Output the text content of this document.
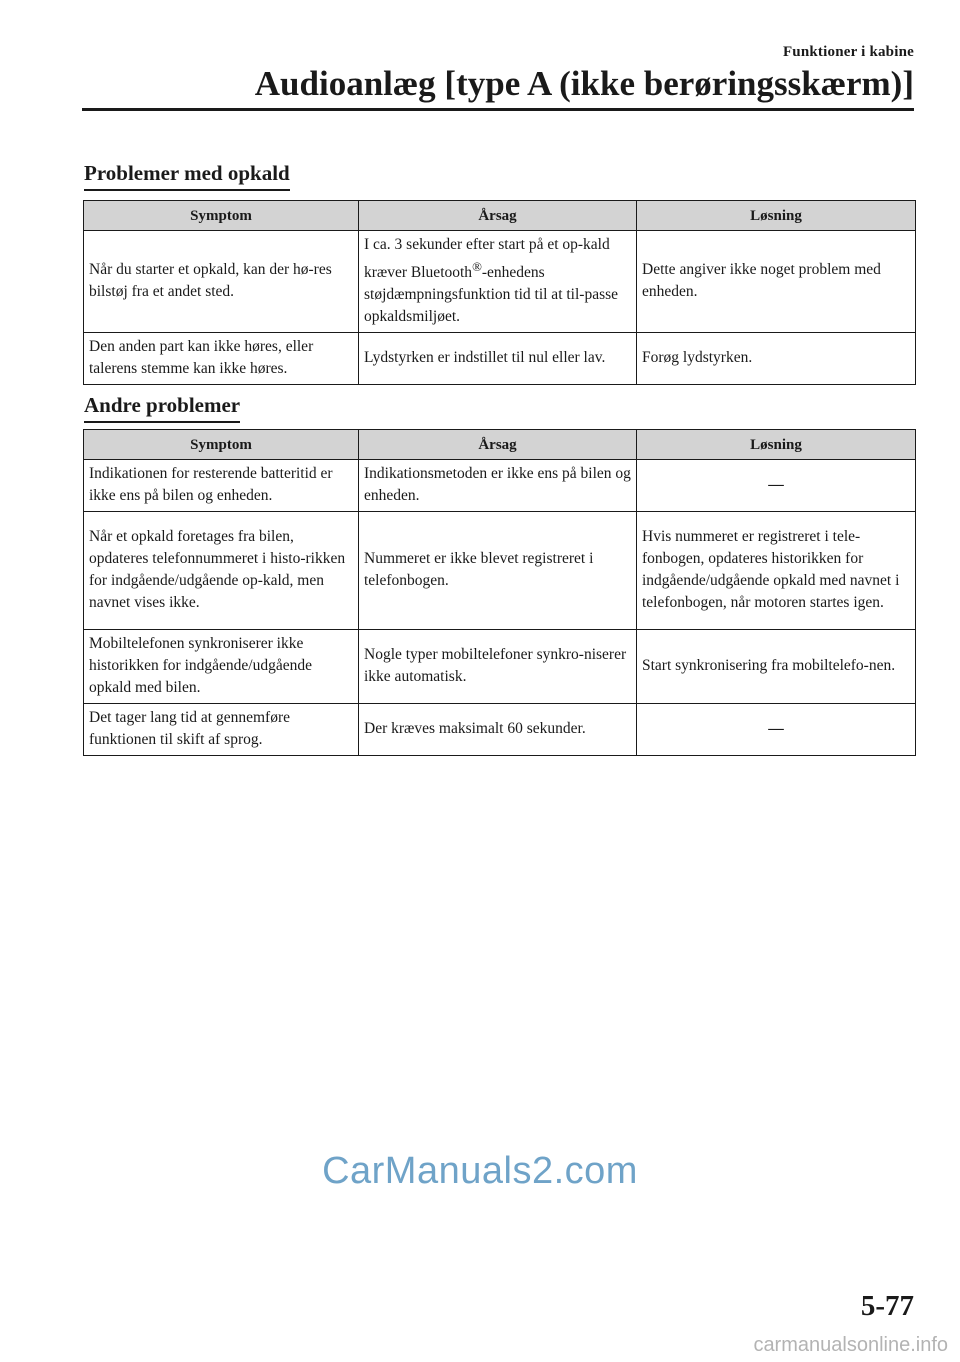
Funktioner i kabine
Audioanlæg [type A (ikke berøringsskærm)]
Problemer med opkald
Symptom	Årsag	Løsning
Når du starter et opkald, kan der hø-res bilstøj fra et andet sted.	I ca. 3 sekunder efter start på et op-kald kræver Bluetooth®-enhedens støjdæmpningsfunktion tid til at til-passe opkaldsmiljøet.	Dette angiver ikke noget problem med enheden.
Den anden part kan ikke høres, eller talerens stemme kan ikke høres.	Lydstyrken er indstillet til nul eller lav.	Forøg lydstyrken.
Andre problemer
Symptom	Årsag	Løsning
Indikationen for resterende batteritid er ikke ens på bilen og enheden.	Indikationsmetoden er ikke ens på bilen og enheden.	—
Når et opkald foretages fra bilen, opdateres telefonnummeret i histo-rikken for indgående/udgående op-kald, men navnet vises ikke.	Nummeret er ikke blevet registreret i telefonbogen.	Hvis nummeret er registreret i tele-fonbogen, opdateres historikken for indgående/udgående opkald med navnet i telefonbogen, når motoren startes igen.
Mobiltelefonen synkroniserer ikke historikken for indgående/udgående opkald med bilen.	Nogle typer mobiltelefoner synkro-niserer ikke automatisk.	Start synkronisering fra mobiltelefo-nen.
Det tager lang tid at gennemføre funktionen til skift af sprog.	Der kræves maksimalt 60 sekunder.	—
CarManuals2.com
5-77
carmanualsonline.info
